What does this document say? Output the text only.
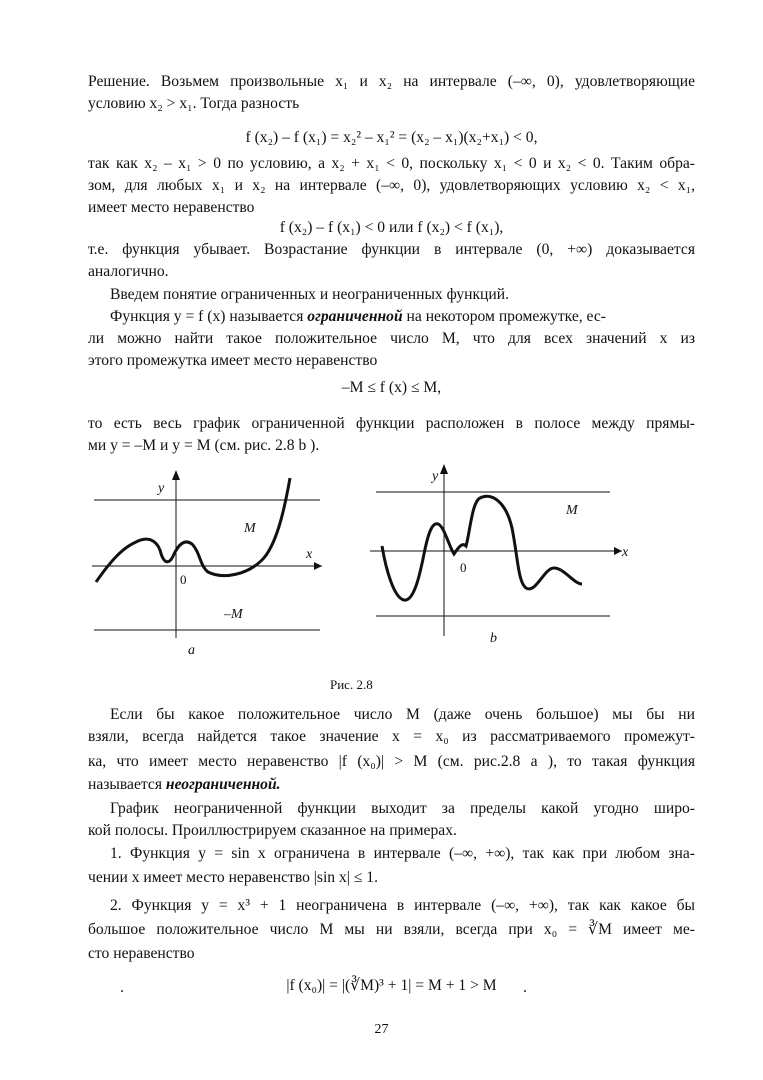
Решение. Возьмем произвольные x₁ и x₂ на интервале (–∞, 0), удовлетворяющие
условию x₂ > x₁. Тогда разность
f (x₂) – f (x₁) = x₂² – x₁² = (x₂ – x₁)(x₂+x₁) < 0,
так как x₂ – x₁ > 0 по условию, а x₂ + x₁ < 0, поскольку x₁ < 0 и x₂ < 0. Таким обра-
зом, для любых x₁ и x₂ на интервале (–∞, 0), удовлетворяющих условию x₂ < x₁,
имеет место неравенство
f (x₂) – f (x₁) < 0 или f (x₂) < f (x₁),
т.е. функция убывает. Возрастание функции в интервале (0, +∞) доказывается
аналогично.
Введем понятие ограниченных и неограниченных функций.
Функция y = f (x) называется ограниченной на некотором промежутке, ес-
ли можно найти такое положительное число M, что для всех значений x из
этого промежутка имеет место неравенство
–M ≤ f (x) ≤ M,
то есть весь график ограниченной функции расположен в полосе между прямы-
ми y = –M и y = M (см. рис. 2.8 b ).
y
x
0
M
–M
a
y
x
0
M
b
Рис. 2.8
Если бы какое положительное число M (даже очень большое) мы бы ни
взяли, всегда найдется такое значение x = x₀ из рассматриваемого промежут-
ка, что имеет место неравенство |f (x₀)| > M (см. рис.2.8 a ), то такая функция
называется неограниченной.
График неограниченной функции выходит за пределы какой угодно широ-
кой полосы. Проиллюстрируем сказанное на примерах.
1. Функция y = sin x ограничена в интервале (–∞, +∞), так как при любом зна-
чении x имеет место неравенство |sin x| ≤ 1.
2. Функция y = x³ + 1 неограничена в интервале (–∞, +∞), так как какое бы
большое положительное число M мы ни взяли, всегда при x₀ = ∛M имеет ме-
сто неравенство
.	|f (x₀)| = |(∛M)³ + 1| = M + 1 > M	.
27
